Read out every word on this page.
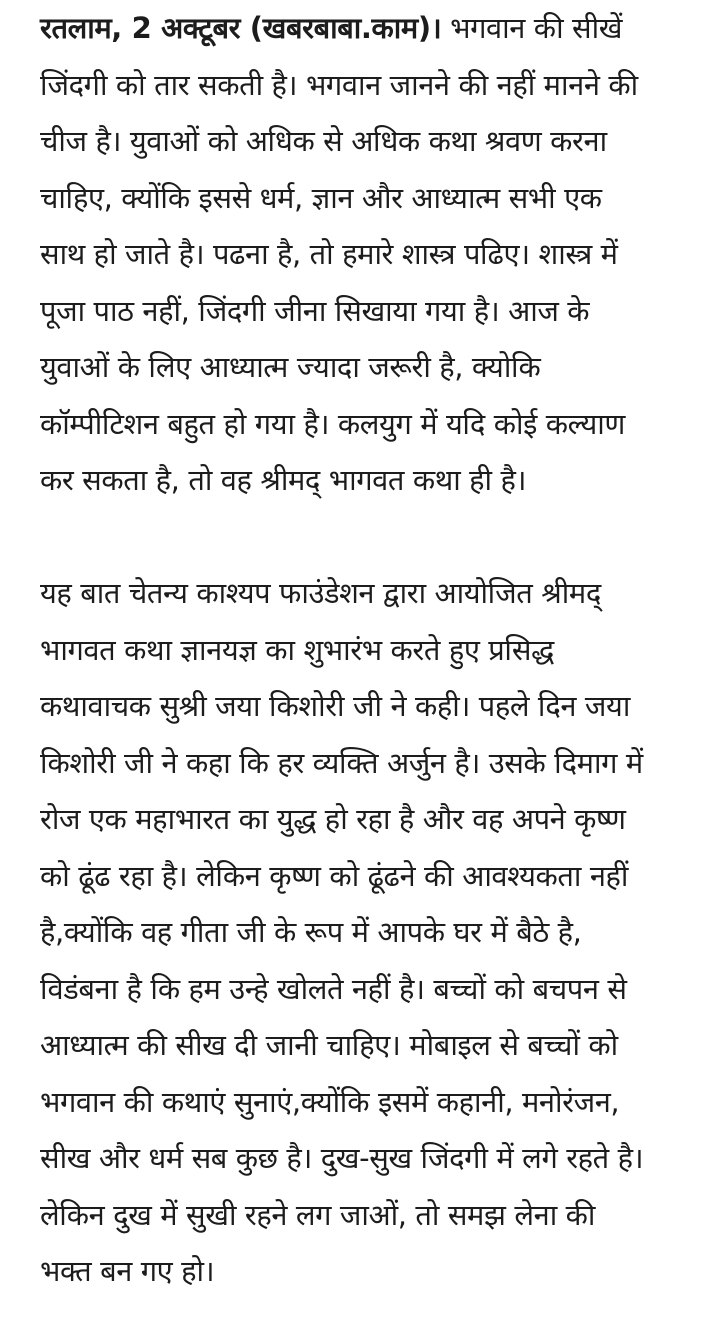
रतलाम, 2 अक्टूबर (खबरबाबा.काम)। भगवान की सीखें
जिंदगी को तार सकती है। भगवान जानने की नहीं मानने की
चीज है। युवाओं को अधिक से अधिक कथा श्रवण करना
चाहिए, क्योंकि इससे धर्म, ज्ञान और आध्यात्म सभी एक
साथ हो जाते है। पढना है, तो हमारे शास्त्र पढिए। शास्त्र में
पूजा पाठ नहीं, जिंदगी जीना सिखाया गया है। आज के
युवाओं के लिए आध्यात्म ज्यादा जरूरी है, क्योकि
कॉम्पीटिशन बहुत हो गया है। कलयुग में यदि कोई कल्याण
कर सकता है, तो वह श्रीमद् भागवत कथा ही है।

यह बात चेतन्य काश्यप फाउंडेशन द्वारा आयोजित श्रीमद्
भागवत कथा ज्ञानयज्ञ का शुभारंभ करते हुए प्रसिद्ध
कथावाचक सुश्री जया किशोरी जी ने कही। पहले दिन जया
किशोरी जी ने कहा कि हर व्यक्ति अर्जुन है। उसके दिमाग में
रोज एक महाभारत का युद्ध हो रहा है और वह अपने कृष्ण
को ढूंढ रहा है। लेकिन कृष्ण को ढूंढने की आवश्यकता नहीं
है,क्योंकि वह गीता जी के रूप में आपके घर में बैठे है,
विडंबना है कि हम उन्हे खोलते नहीं है। बच्चों को बचपन से
आध्यात्म की सीख दी जानी चाहिए। मोबाइल से बच्चों को
भगवान की कथाएं सुनाएं,क्योंकि इसमें कहानी, मनोरंजन,
सीख और धर्म सब कुछ है। दुख-सुख जिंदगी में लगे रहते है।
लेकिन दुख में सुखी रहने लग जाओं, तो समझ लेना की
भक्त बन गए हो।
